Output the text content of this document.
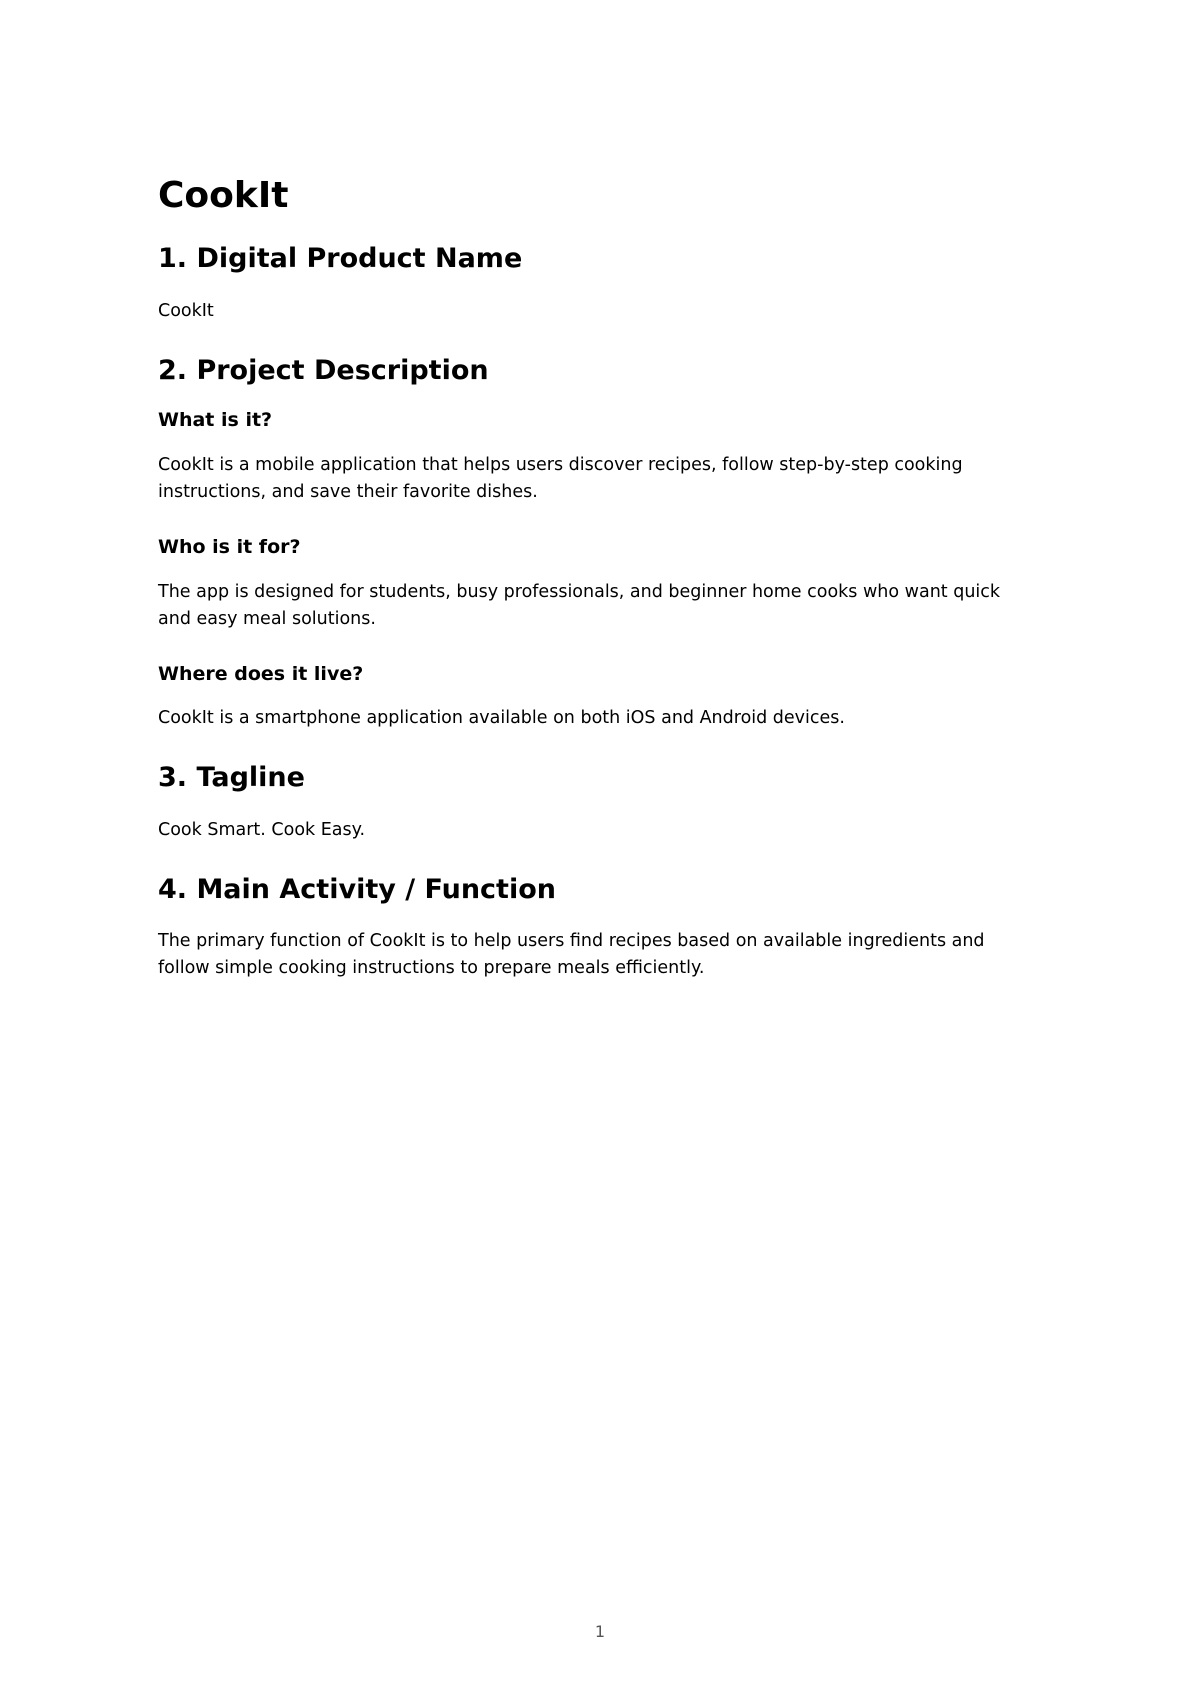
CookIt
1. Digital Product Name

CookIt

2. Project Description
What is it?

CookIt is a mobile application that helps users discover recipes, follow step-by-step cooking instructions, and save their favorite dishes.

Who is it for?

The app is designed for students, busy professionals, and beginner home cooks who want quick and easy meal solutions.

Where does it live?

CookIt is a smartphone application available on both iOS and Android devices.

3. Tagline

Cook Smart. Cook Easy.

4. Main Activity / Function

The primary function of CookIt is to help users find recipes based on available ingredients and follow simple cooking instructions to prepare meals efficiently.

1
